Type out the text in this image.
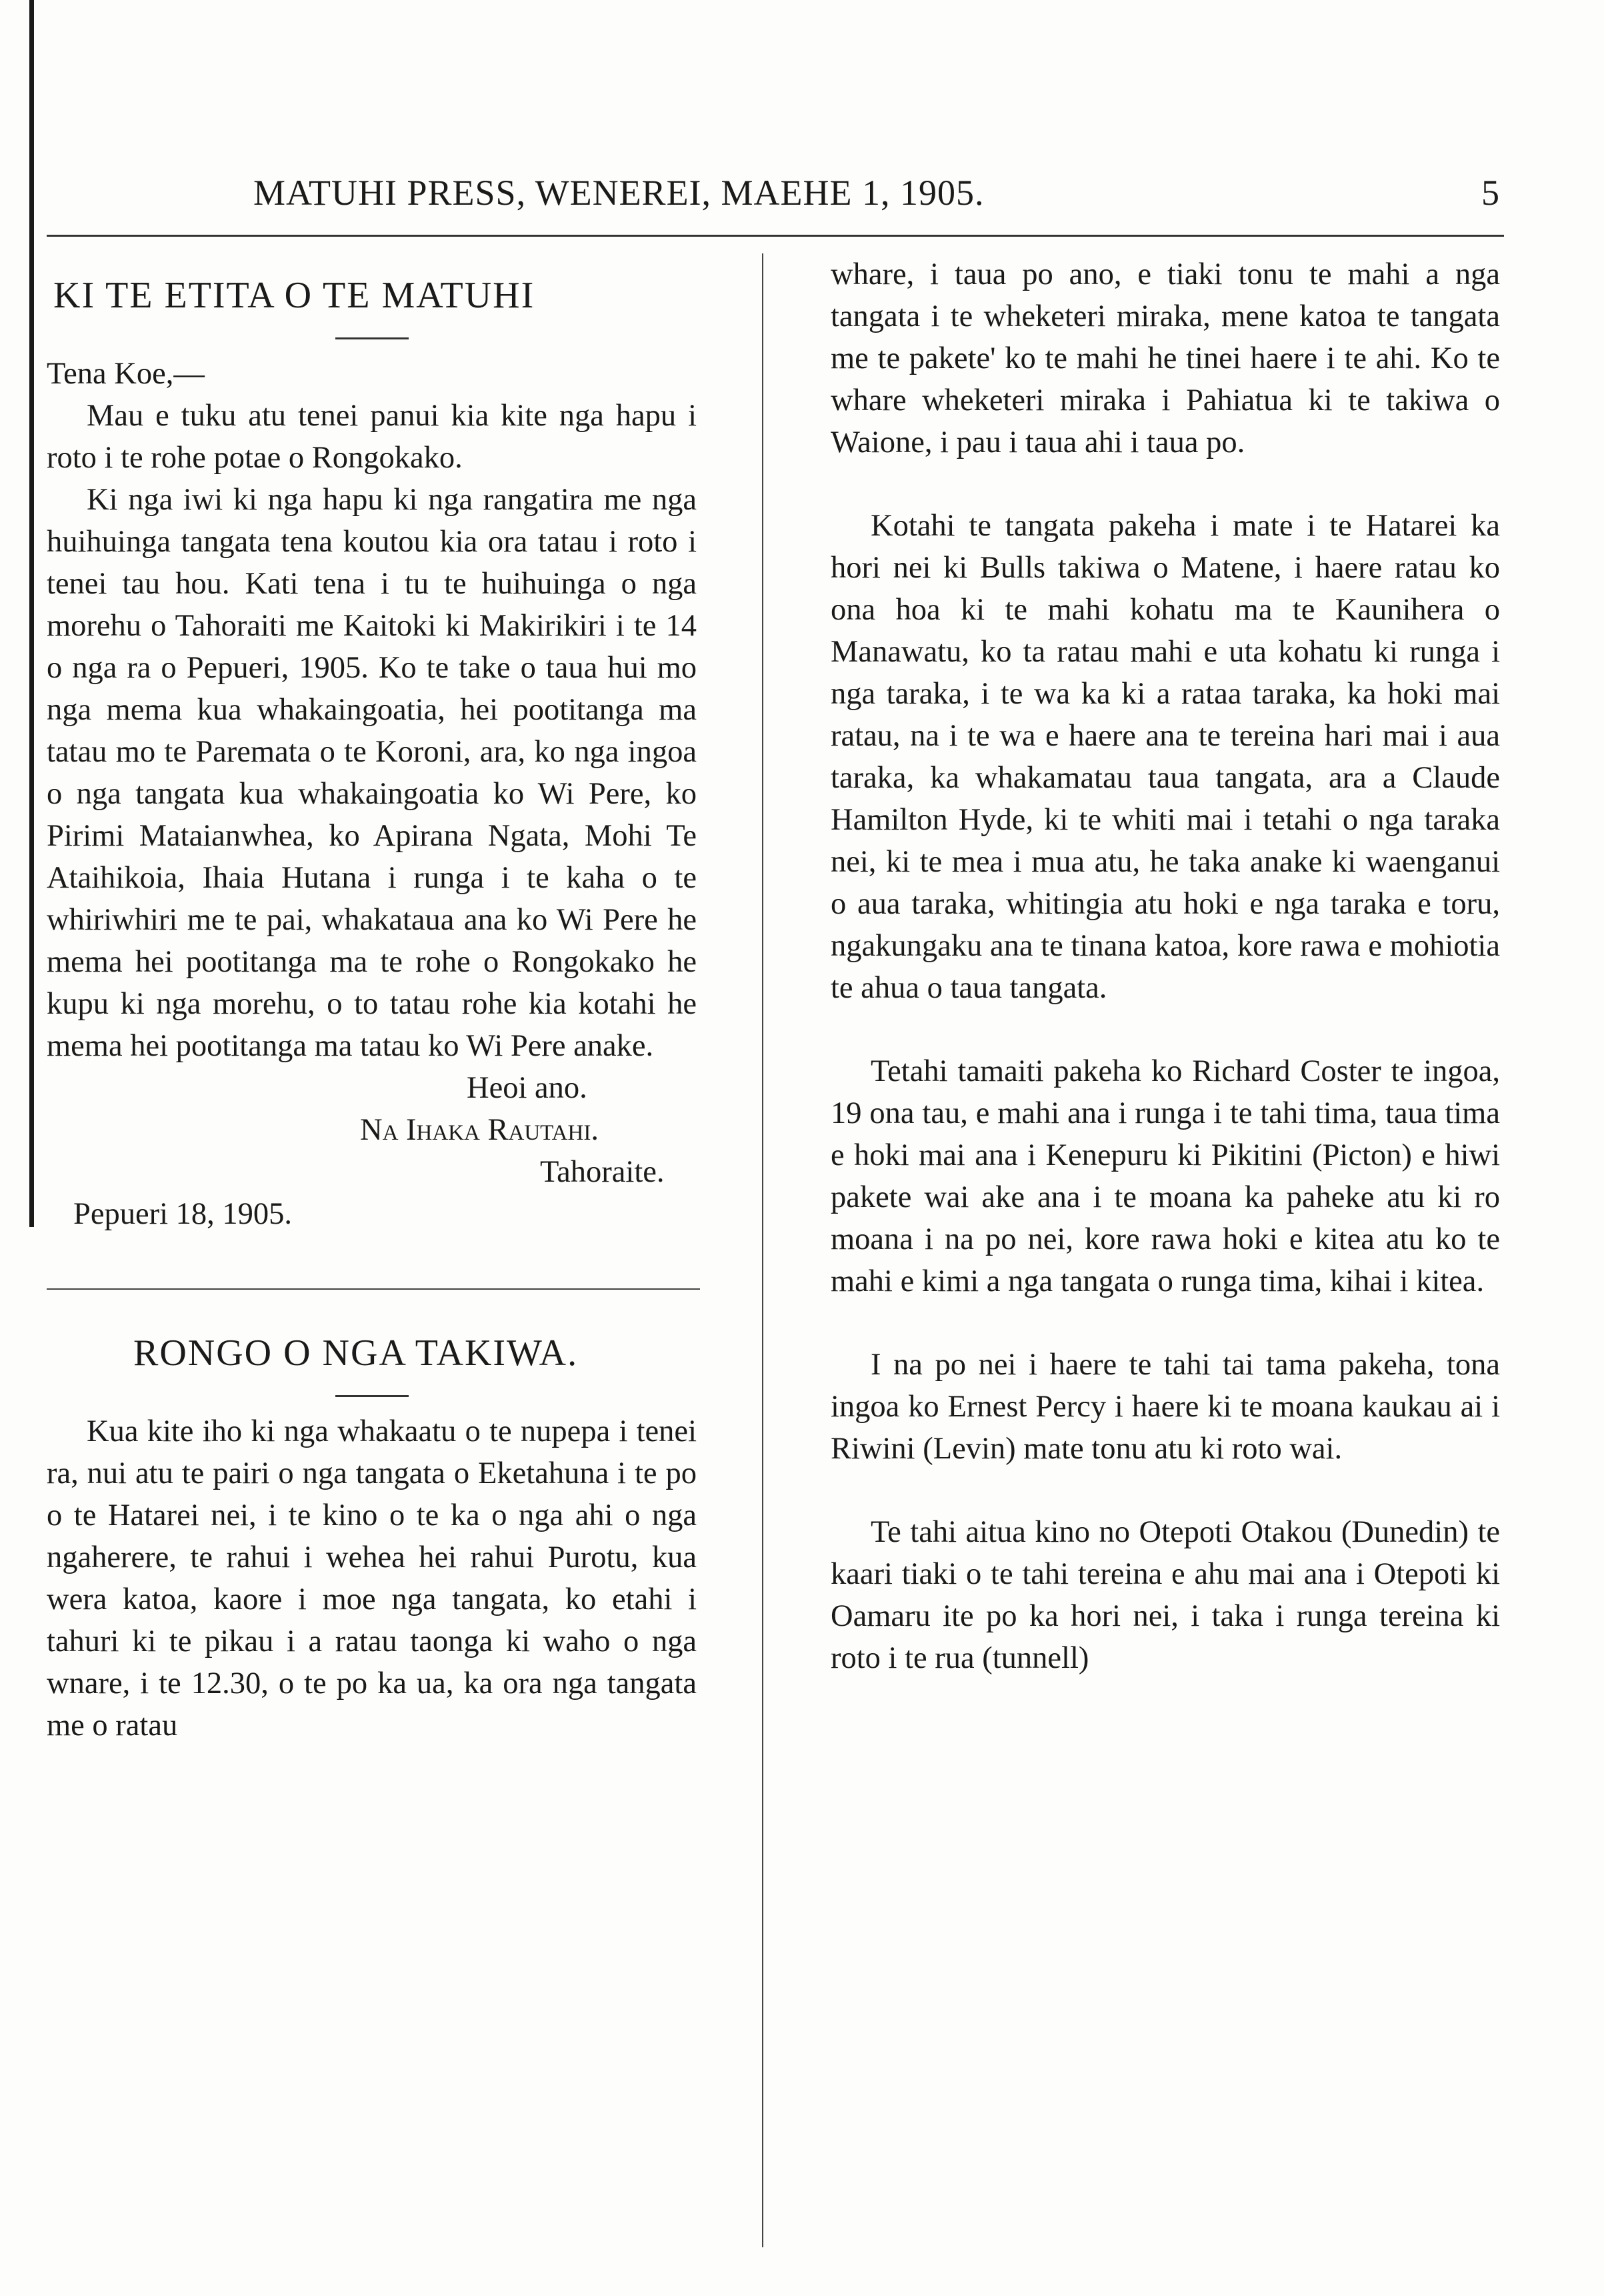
MATUHI PRESS, WENEREI, MAEHE 1, 1905.	5
KI TE ETITA O TE MATUHI

Tena Koe,—

Mau e tuku atu tenei panui kia kite nga hapu i roto i te rohe potae o Rongokako.

Ki nga iwi ki nga hapu ki nga rangatira me nga huihuinga tangata tena koutou kia ora tatau i roto i tenei tau hou. Kati tena i tu te huihuinga o nga morehu o Tahoraiti me Kaitoki ki Makirikiri i te 14 o nga ra o Pepueri, 1905. Ko te take o taua hui mo nga mema kua whakaingoatia, hei pootitanga ma tatau mo te Paremata o te Koroni, ara, ko nga ingoa o nga tangata kua whakaingoatia ko Wi Pere, ko Pirimi Mataianwhea, ko Apirana Ngata, Mohi Te Ataihikoia, Ihaia Hutana i runga i te kaha o te whiriwhiri me te pai, whakataua ana ko Wi Pere he mema hei pootitanga ma te rohe o Rongokako he kupu ki nga morehu, o to tatau rohe kia kotahi he mema hei pootitanga ma tatau ko Wi Pere anake.

Heoi ano.

Na Ihaka Rautahi.

Tahoraite.

Pepueri 18, 1905.

RONGO O NGA TAKIWA.

Kua kite iho ki nga whakaatu o te nupepa i tenei ra, nui atu te pairi o nga tangata o Eketahuna i te po o te Hatarei nei, i te kino o te ka o nga ahi o nga ngaherere, te rahui i wehea hei rahui Purotu, kua wera katoa, kaore i moe nga tangata, ko etahi i tahuri ki te pikau i a ratau taonga ki waho o nga wnare, i te 12.30, o te po ka ua, ka ora nga tangata me o ratau

whare, i taua po ano, e tiaki tonu te mahi a nga tangata i te wheketeri miraka, mene katoa te tangata me te pakete' ko te mahi he tinei haere i te ahi. Ko te whare wheketeri miraka i Pahiatua ki te takiwa o Waione, i pau i taua ahi i taua po.

Kotahi te tangata pakeha i mate i te Hatarei ka hori nei ki Bulls takiwa o Matene, i haere ratau ko ona hoa ki te mahi kohatu ma te Kaunihera o Manawatu, ko ta ratau mahi e uta kohatu ki runga i nga taraka, i te wa ka ki a rataa taraka, ka hoki mai ratau, na i te wa e haere ana te tereina hari mai i aua taraka, ka whakamatau taua tangata, ara a Claude Hamilton Hyde, ki te whiti mai i tetahi o nga taraka nei, ki te mea i mua atu, he taka anake ki waenganui o aua taraka, whitingia atu hoki e nga taraka e toru, ngakungaku ana te tinana katoa, kore rawa e mohiotia te ahua o taua tangata.

Tetahi tamaiti pakeha ko Richard Coster te ingoa, 19 ona tau, e mahi ana i runga i te tahi tima, taua tima e hoki mai ana i Kenepuru ki Pikitini (Picton) e hiwi pakete wai ake ana i te moana ka paheke atu ki ro moana i na po nei, kore rawa hoki e kitea atu ko te mahi e kimi a nga tangata o runga tima, kihai i kitea.

I na po nei i haere te tahi tai tama pakeha, tona ingoa ko Ernest Percy i haere ki te moana kaukau ai i Riwini (Levin) mate tonu atu ki roto wai.

Te tahi aitua kino no Otepoti Otakou (Dunedin) te kaari tiaki o te tahi tereina e ahu mai ana i Otepoti ki Oamaru ite po ka hori nei, i taka i runga tereina ki roto i te rua (tunnell)
